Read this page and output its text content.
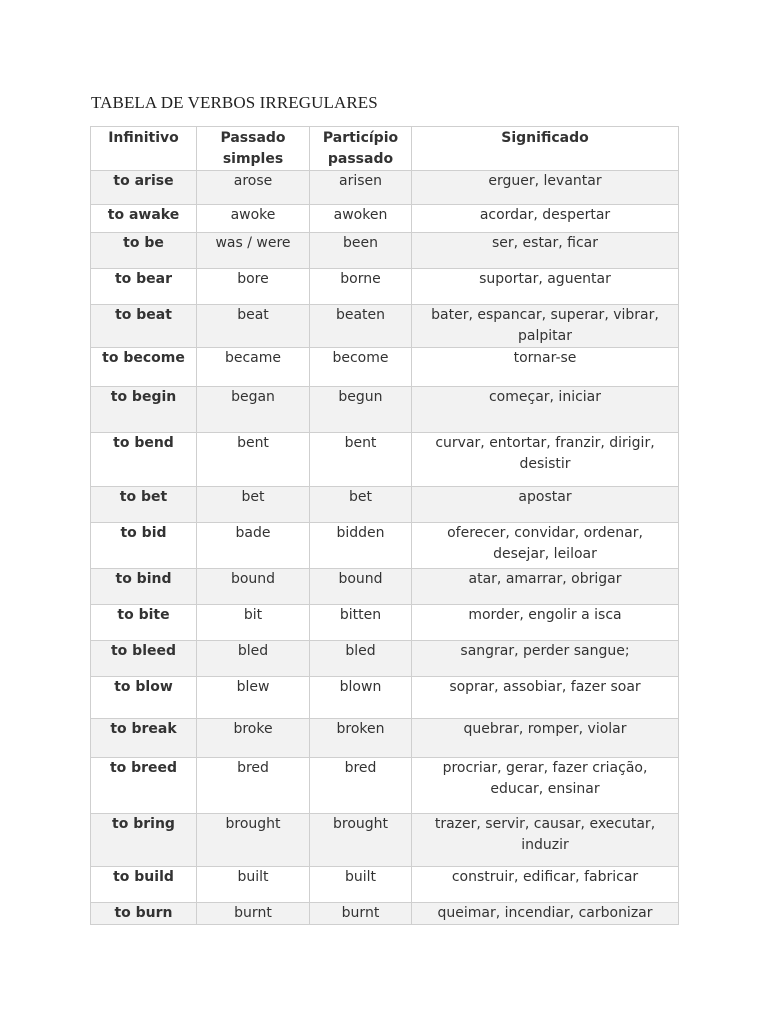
TABELA DE VERBOS IRREGULARES
Infinitivo	Passado simples	Particípio passado	Significado
to arise	arose	arisen	erguer, levantar
to awake	awoke	awoken	acordar, despertar
to be	was / were	been	ser, estar, ficar
to bear	bore	borne	suportar, aguentar
to beat	beat	beaten	bater, espancar, superar, vibrar, palpitar
to become	became	become	tornar-se
to begin	began	begun	começar, iniciar
to bend	bent	bent	curvar, entortar, franzir, dirigir, desistir
to bet	bet	bet	apostar
to bid	bade	bidden	oferecer, convidar, ordenar, desejar, leiloar
to bind	bound	bound	atar, amarrar, obrigar
to bite	bit	bitten	morder, engolir a isca
to bleed	bled	bled	sangrar, perder sangue;
to blow	blew	blown	soprar, assobiar, fazer soar
to break	broke	broken	quebrar, romper, violar
to breed	bred	bred	procriar, gerar, fazer criação, educar, ensinar
to bring	brought	brought	trazer, servir, causar, executar, induzir
to build	built	built	construir, edificar, fabricar
to burn	burnt	burnt	queimar, incendiar, carbonizar
